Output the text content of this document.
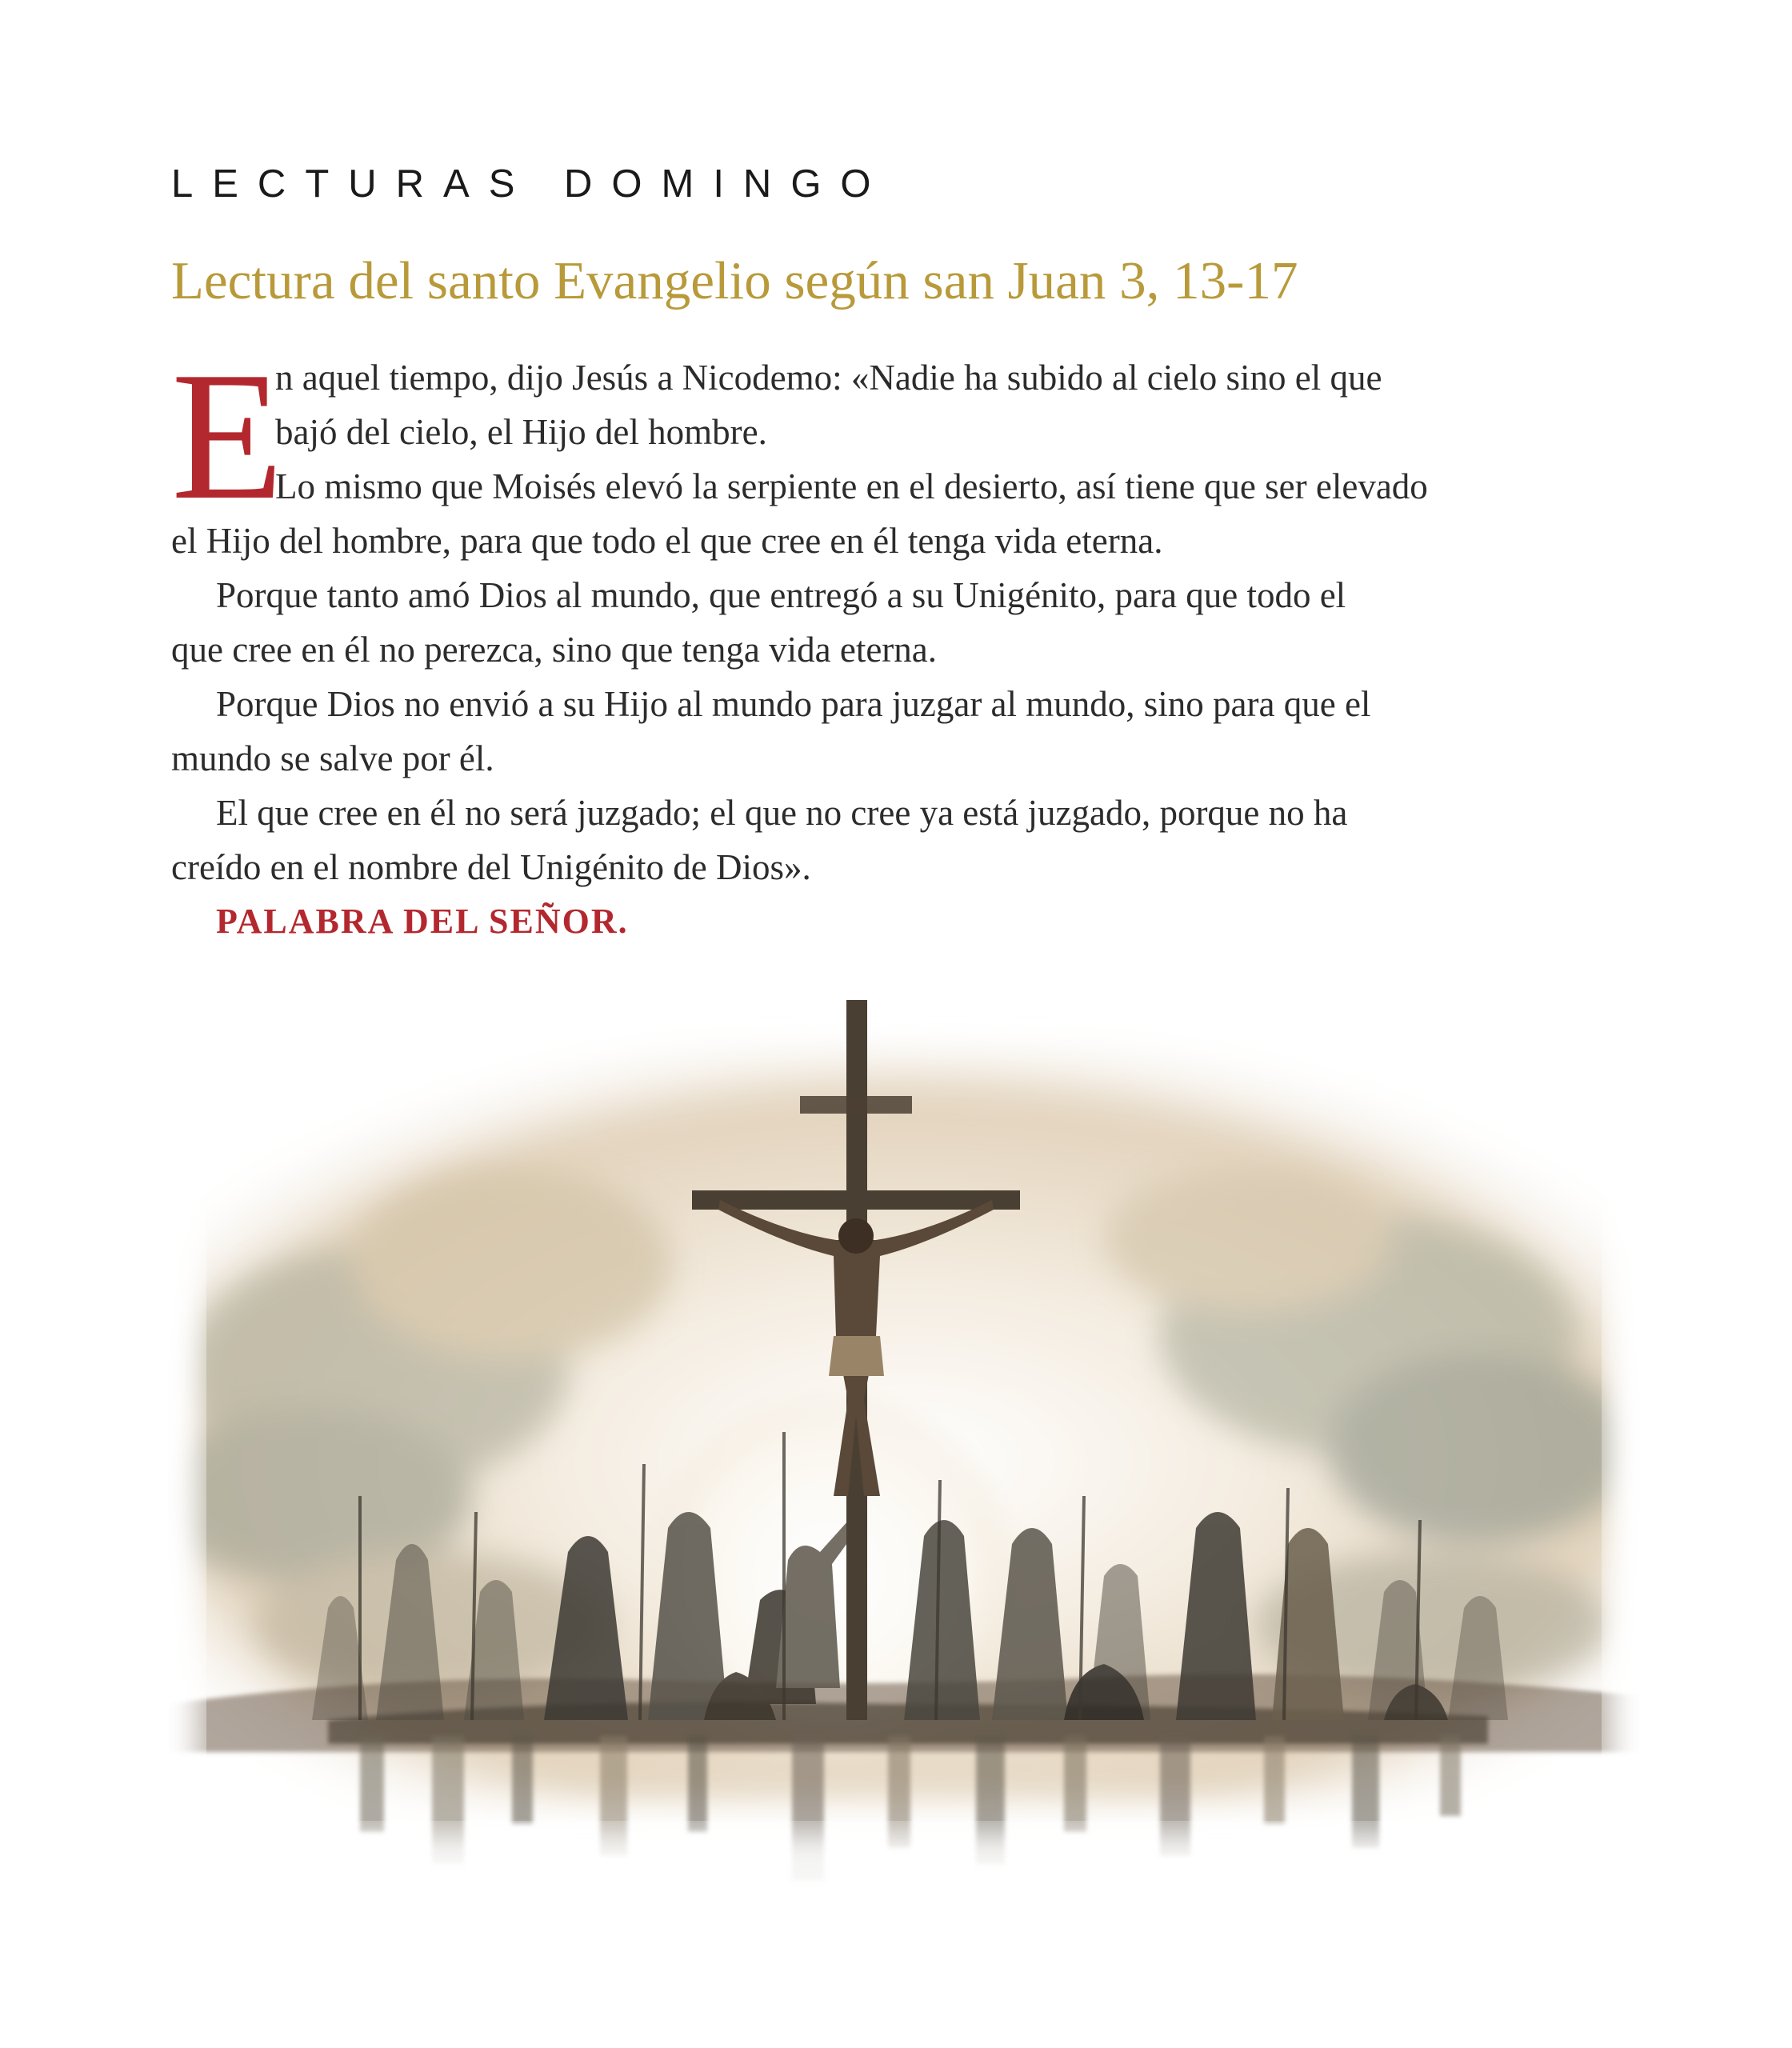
LECTURAS DOMINGO
Lectura del santo Evangelio según san Juan 3, 13-17
E

n aquel tiempo, dijo Jesús a Nicodemo: «Nadie ha subido al cielo sino el que

bajó del cielo, el Hijo del hombre.

Lo mismo que Moisés elevó la serpiente en el desierto, así tiene que ser elevado

el Hijo del hombre, para que todo el que cree en él tenga vida eterna.

Porque tanto amó Dios al mundo, que entregó a su Unigénito, para que todo el

que cree en él no perezca, sino que tenga vida eterna.

Porque Dios no envió a su Hijo al mundo para juzgar al mundo, sino para que el

mundo se salve por él.

El que cree en él no será juzgado; el que no cree ya está juzgado, porque no ha

creído en el nombre del Unigénito de Dios».

PALABRA DEL SEÑOR.
